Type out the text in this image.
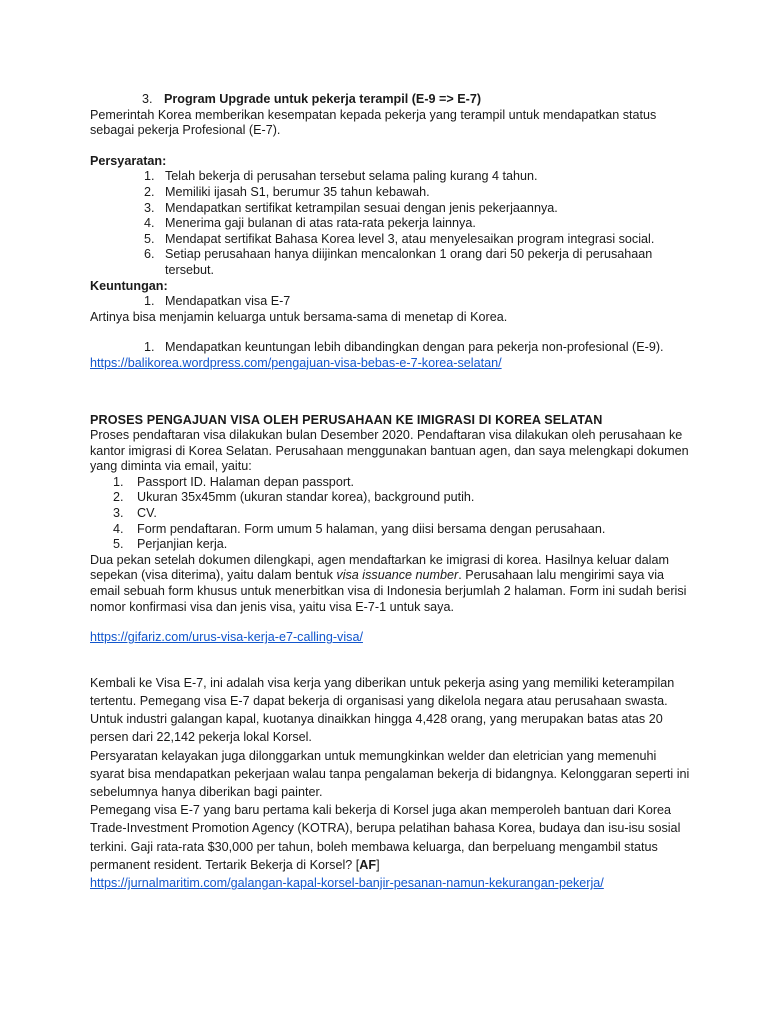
3. Program Upgrade untuk pekerja terampil (E-9 => E-7)

Pemerintah Korea memberikan kesempatan kepada pekerja yang terampil untuk mendapatkan status sebagai pekerja Profesional (E-7).

Persyaratan:

1. Telah bekerja di perusahan tersebut selama paling kurang 4 tahun.
2. Memiliki ijasah S1, berumur 35 tahun kebawah.
3. Mendapatkan sertifikat ketrampilan sesuai dengan jenis pekerjaannya.
4. Menerima gaji bulanan di atas rata-rata pekerja lainnya.
5. Mendapat sertifikat Bahasa Korea level 3, atau menyelesaikan program integrasi social.
6. Setiap perusahaan hanya diijinkan mencalonkan 1 orang dari 50 pekerja di perusahaan tersebut.

Keuntungan:

1. Mendapatkan visa E-7

Artinya bisa menjamin keluarga untuk bersama-sama di menetap di Korea.

1. Mendapatkan keuntungan lebih dibandingkan dengan para pekerja non-profesional (E-9).

https://balikorea.wordpress.com/pengajuan-visa-bebas-e-7-korea-selatan/

PROSES PENGAJUAN VISA OLEH PERUSAHAAN KE IMIGRASI DI KOREA SELATAN

Proses pendaftaran visa dilakukan bulan Desember 2020. Pendaftaran visa dilakukan oleh perusahaan ke kantor imigrasi di Korea Selatan. Perusahaan menggunakan bantuan agen, dan saya melengkapi dokumen yang diminta via email, yaitu:

1.	Passport ID. Halaman depan passport.
2.	Ukuran 35x45mm (ukuran standar korea), background putih.
3.	CV.
4.	Form pendaftaran. Form umum 5 halaman, yang diisi bersama dengan perusahaan.
5.	Perjanjian kerja.

Dua pekan setelah dokumen dilengkapi, agen mendaftarkan ke imigrasi di korea. Hasilnya keluar dalam sepekan (visa diterima), yaitu dalam bentuk visa issuance number. Perusahaan lalu mengirimi saya via email sebuah form khusus untuk menerbitkan visa di Indonesia berjumlah 2 halaman. Form ini sudah berisi nomor konfirmasi visa dan jenis visa, yaitu visa E-7-1 untuk saya.

https://gifariz.com/urus-visa-kerja-e7-calling-visa/

Kembali ke Visa E-7, ini adalah visa kerja yang diberikan untuk pekerja asing yang memiliki keterampilan tertentu. Pemegang visa E-7 dapat bekerja di organisasi yang dikelola negara atau perusahaan swasta. Untuk industri galangan kapal, kuotanya dinaikkan hingga 4,428 orang, yang merupakan batas atas 20 persen dari 22,142 pekerja lokal Korsel.

Persyaratan kelayakan juga dilonggarkan untuk memungkinkan welder dan eletrician yang memenuhi syarat bisa mendapatkan pekerjaan walau tanpa pengalaman bekerja di bidangnya. Kelonggaran seperti ini sebelumnya hanya diberikan bagi painter.

Pemegang visa E-7 yang baru pertama kali bekerja di Korsel juga akan memperoleh bantuan dari Korea Trade-Investment Promotion Agency (KOTRA), berupa pelatihan bahasa Korea, budaya dan isu-isu sosial terkini. Gaji rata-rata $30,000 per tahun, boleh membawa keluarga, dan berpeluang mengambil status permanent resident. Tertarik Bekerja di Korsel? [AF]

https://jurnalmaritim.com/galangan-kapal-korsel-banjir-pesanan-namun-kekurangan-pekerja/
